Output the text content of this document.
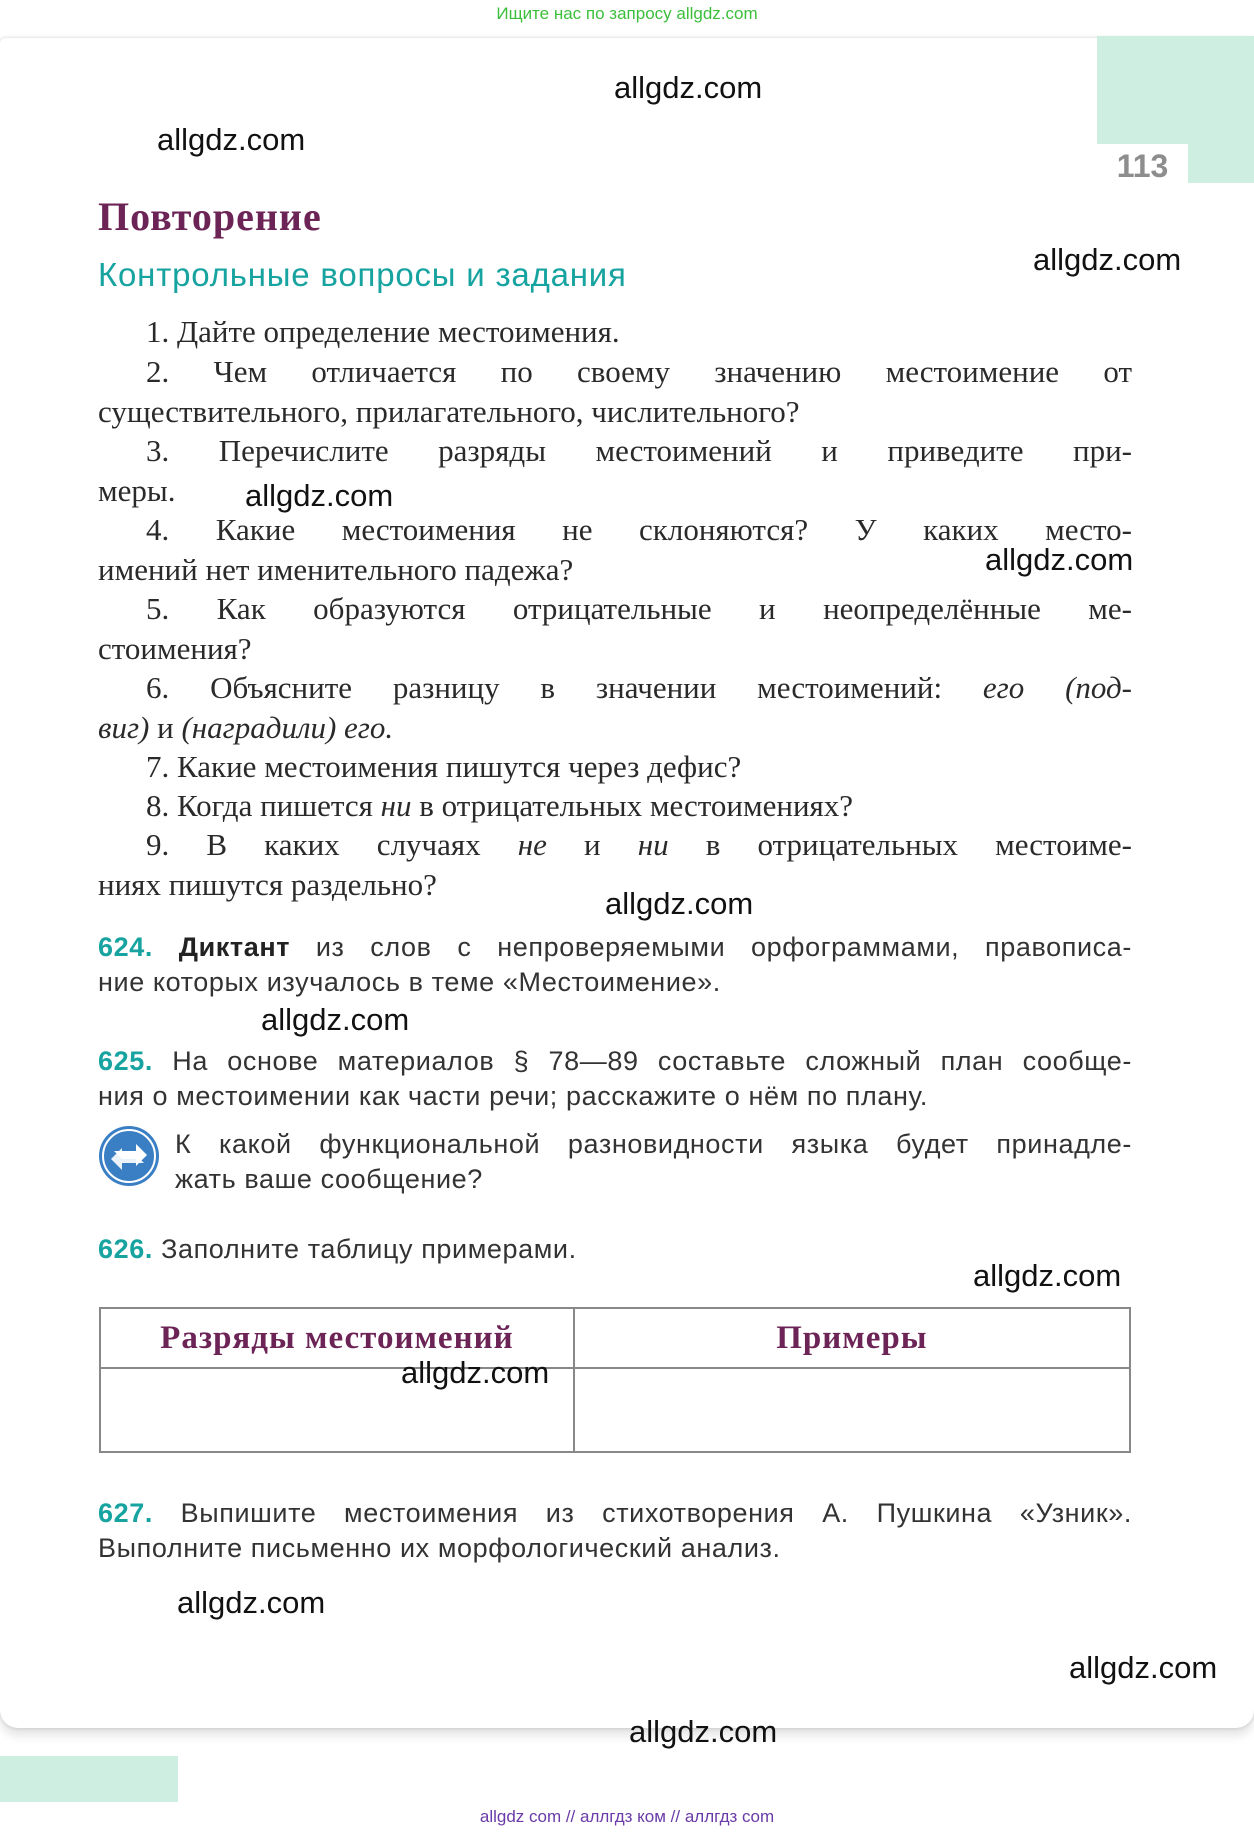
Ищите нас по запросу allgdz.com
113
Повторение
Контрольные вопросы и задания
1. Дайте определение местоимения.
2. Чем отличается по своему значению местоимение от
существительного, прилагательного, числительного?
3. Перечислите разряды местоимений и приведите при-
меры.
4. Какие местоимения не склоняются? У каких место-
имений нет именительного падежа?
5. Как образуются отрицательные и неопределённые ме-
стоимения?
6. Объясните разницу в значении местоимений: его (под-
виг) и (наградили) его.
7. Какие местоимения пишутся через дефис?
8. Когда пишется ни в отрицательных местоимениях?
9. В каких случаях не и ни в отрицательных местоиме-
ниях пишутся раздельно?
624. Диктант из слов с непроверяемыми орфограммами, правописа-
ние которых изучалось в теме «Местоимение».
625. На основе материалов § 78—89 составьте сложный план сообще-
ния о местоимении как части речи; расскажите о нём по плану.
К какой функциональной разновидности языка будет принадле-
жать ваше сообщение?
626. Заполните таблицу примерами.
Разряды местоимений	Примеры

627. Выпишите местоимения из стихотворения А. Пушкина «Узник».
Выполните письменно их морфологический анализ.
allgdz.com
allgdz.com
allgdz.com
allgdz.com
allgdz.com
allgdz.com
allgdz.com
allgdz.com
allgdz.com
allgdz.com
allgdz.com
allgdz.com
allgdz com // аллгдз ком // аллгдз com
